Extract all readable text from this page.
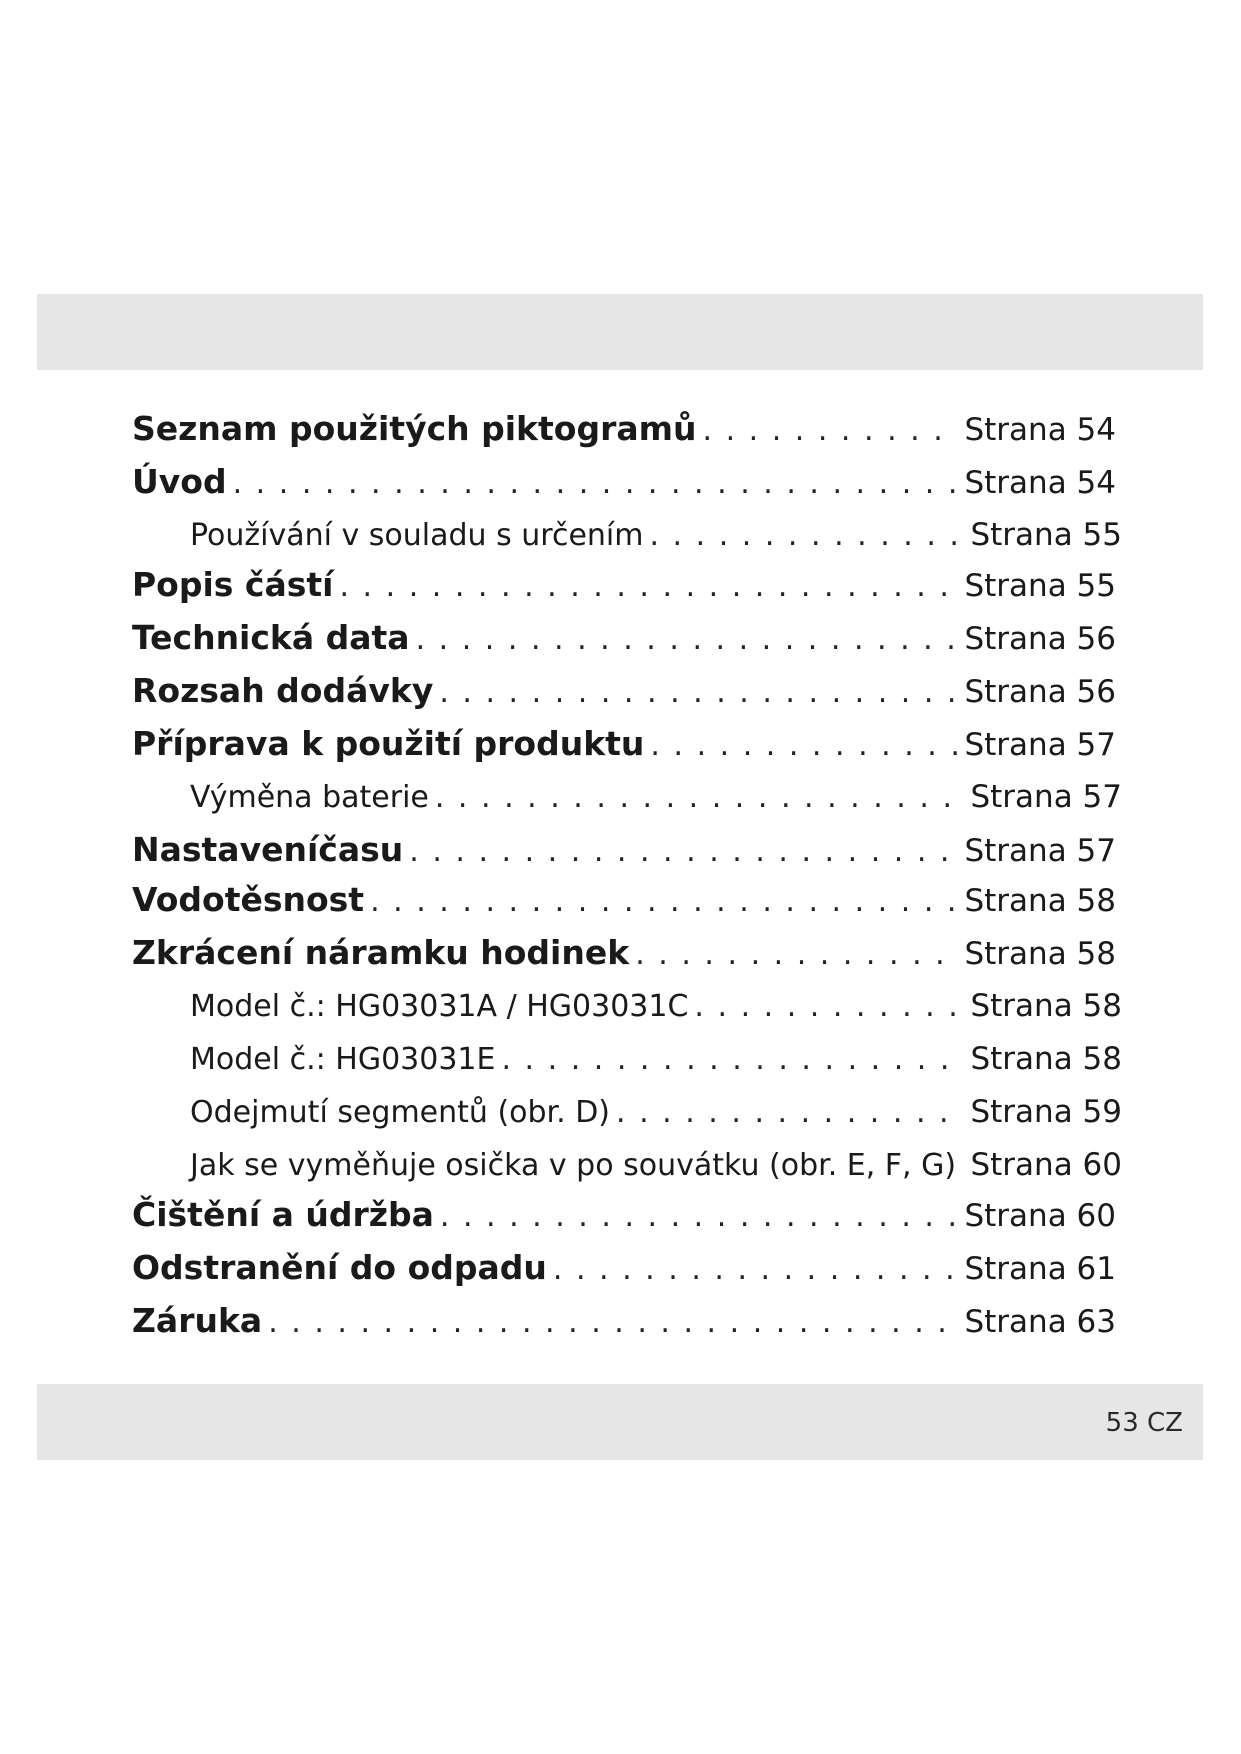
Seznam použitých piktogramů . . .	Strana 54
Úvod . . .	Strana 54
Používání v souladu s určením . . .	Strana 55
Popis částí . . .	Strana 55
Technická data . . .	Strana 56
Rozsah dodávky . . .	Strana 56
Příprava k použití produktu . . .	Strana 57
Výměna baterie . . .	Strana 57
Nastaveníčasu . . .	Strana 57
Vodotěsnost . . .	Strana 58
Zkrácení náramku hodinek . . .	Strana 58
Model č.: HG03031A / HG03031C . . .	Strana 58
Model č.: HG03031E . . .	Strana 58
Odejmutí segmentů (obr. D) . . .	Strana 59
Jak se vyměňuje osička v po souvátku (obr. E, F, G) . . . Strana 60
Čištění a údržba . . .	Strana 60
Odstranění do odpadu . . .	Strana 61
Záruka . . .	Strana 63
53 CZ
